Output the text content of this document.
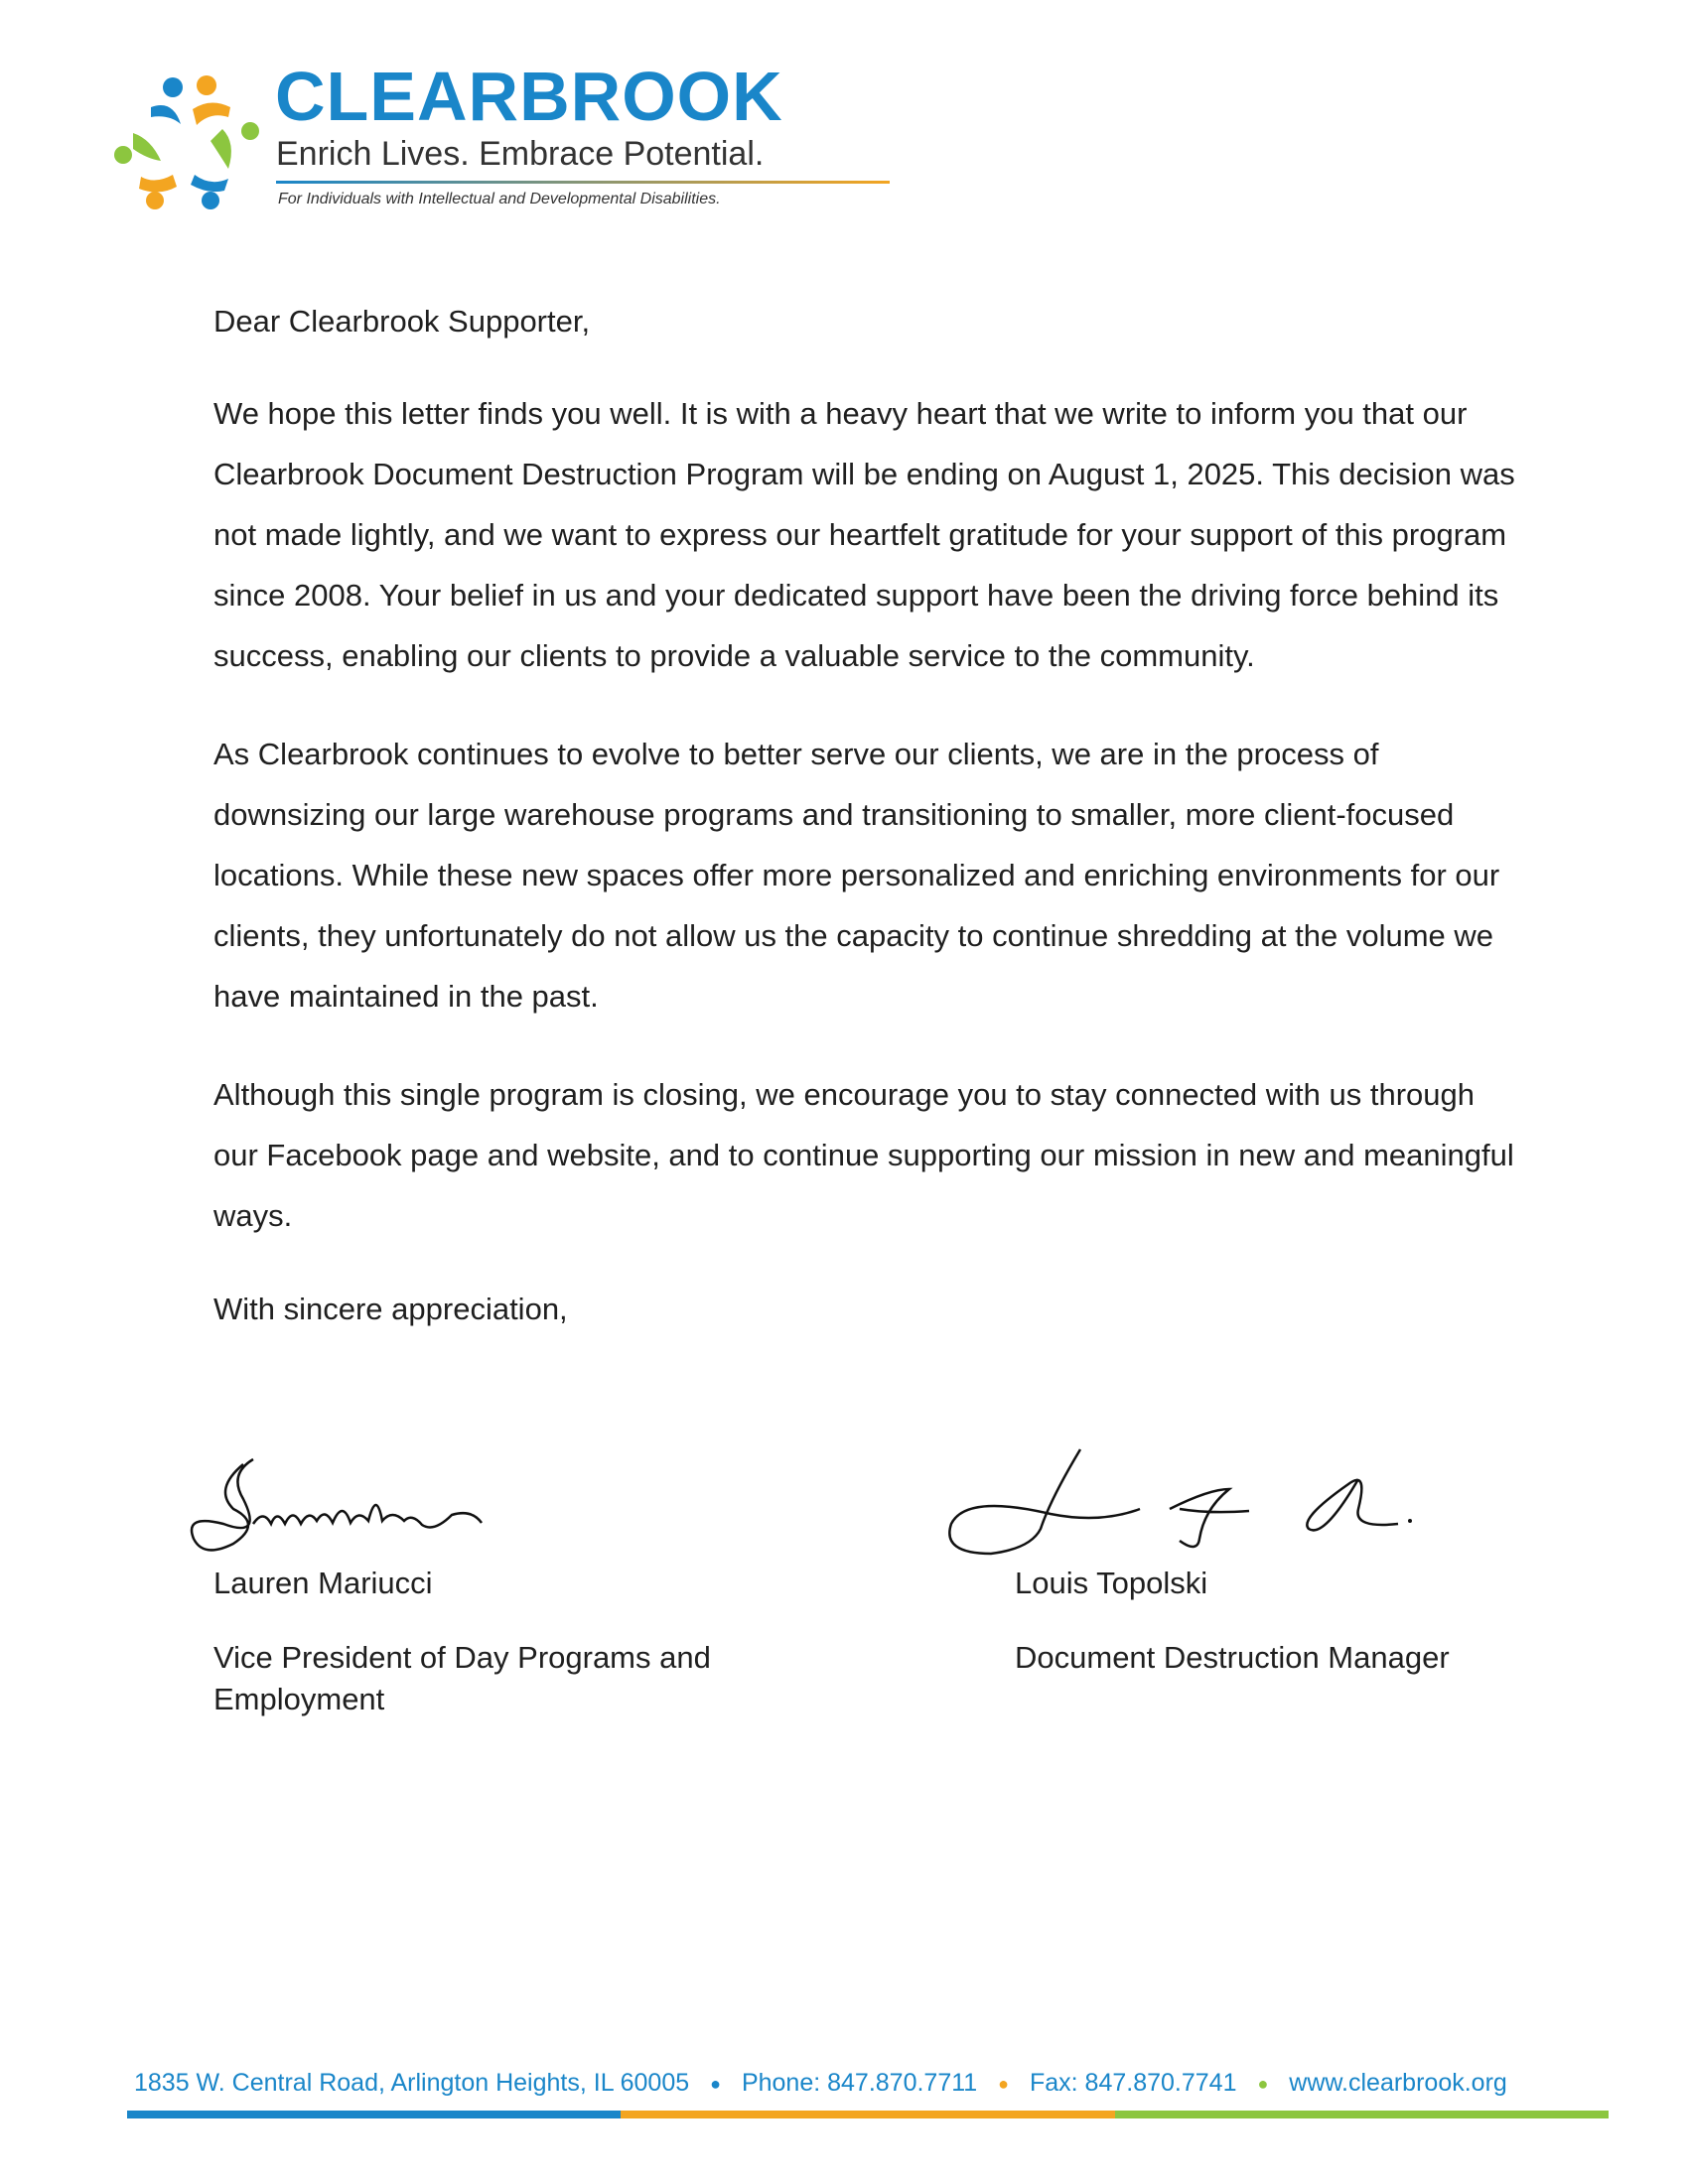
CLEARBROOK
Enrich Lives. Embrace Potential.
For Individuals with Intellectual and Developmental Disabilities.

Dear Clearbrook Supporter,

We hope this letter finds you well. It is with a heavy heart that we write to inform you that our Clearbrook Document Destruction Program will be ending on August 1, 2025. This decision was not made lightly, and we want to express our heartfelt gratitude for your support of this program since 2008. Your belief in us and your dedicated support have been the driving force behind its success, enabling our clients to provide a valuable service to the community.

As Clearbrook continues to evolve to better serve our clients, we are in the process of downsizing our large warehouse programs and transitioning to smaller, more client-focused locations. While these new spaces offer more personalized and enriching environments for our clients, they unfortunately do not allow us the capacity to continue shredding at the volume we have maintained in the past.

Although this single program is closing, we encourage you to stay connected with us through our Facebook page and website, and to continue supporting our mission in new and meaningful ways.

With sincere appreciation,

Lauren Mariucci
Vice President of Day Programs and Employment
Louis Topolski
Document Destruction Manager
1835 W. Central Road, Arlington Heights, IL 60005 ● Phone: 847.870.7711 ● Fax: 847.870.7741 ● www.clearbrook.org
